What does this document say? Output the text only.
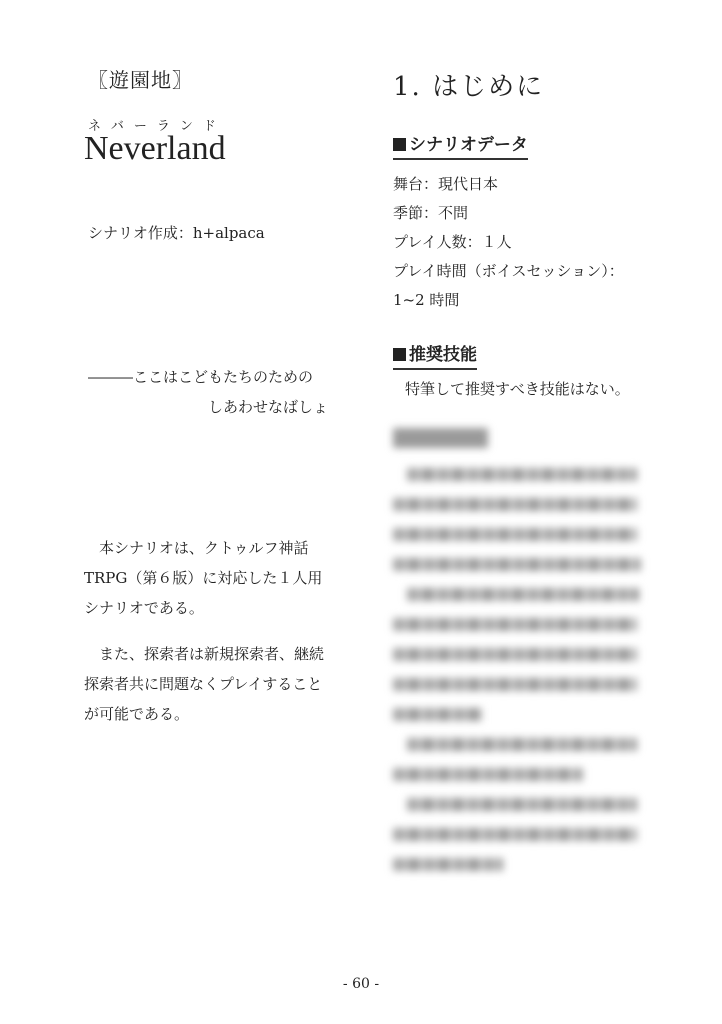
〖遊園地〗
ネバーランド
Neverland
シナリオ作成：h+alpaca
―――ここはこどもたちのための
しあわせなばしょ

本シナリオは、クトゥルフ神話TRPG（第６版）に対応した１人用シナリオである。

また、探索者は新規探索者、継続探索者共に問題なくプレイすることが可能である。

1. はじめに
シナリオデータ
舞台：現代日本
季節：不問
プレイ人数：１人
プレイ時間（ボイスセッション）：
1~2 時間
推奨技能
特筆して推奨すべき技能はない。
- 60 -
